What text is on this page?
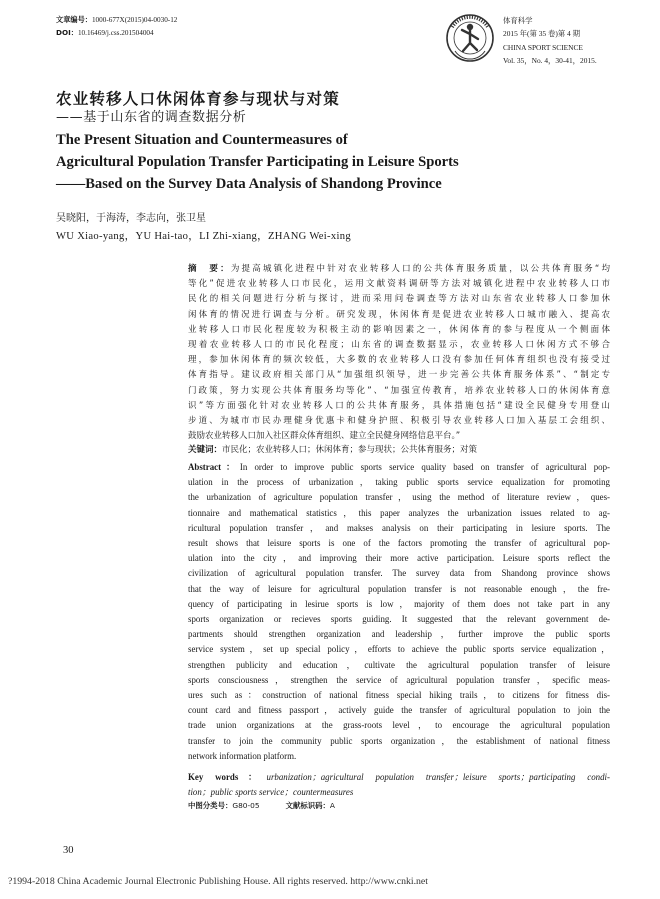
文章编号：1000-677X(2015)04-0030-12
DOI：10.16469/j.css.201504004
体育科学
2015 年(第 35 卷)第 4 期
CHINA SPORT SCIENCE
Vol. 35，No. 4，30-41，2015.
农业转移人口休闲体育参与现状与对策
——基于山东省的调查数据分析
The Present Situation and Countermeasures of
Agricultural Population Transfer Participating in Leisure Sports
——Based on the Survey Data Analysis of Shandong Province
吴晓阳，于海涛，李志向，张卫星
WU Xiao-yang，YU Hai-tao，LI Zhi-xiang，ZHANG Wei-xing
摘　要：为提高城镇化进程中针对农业转移人口的公共体育服务质量，以公共体育服务“均
等化”促进农业转移人口市民化，运用文献资料调研等方法对城镇化进程中农业转移人口市
民化的相关问题进行分析与探讨，进而采用问卷调查等方法对山东省农业转移人口参加休
闲体育的情况进行调查与分析。研究发现，休闲体育是促进农业转移人口城市融入、提高农
业转移人口市民化程度较为积极主动的影响因素之一，休闲体育的参与程度从一个侧面体
现着农业转移人口的市民化程度；山东省的调查数据显示，农业转移人口休闲方式不够合
理，参加休闲体育的频次较低，大多数的农业转移人口没有参加任何体育组织也没有接受过
体育指导。建议政府相关部门从“加强组织领导，进一步完善公共体育服务体系”、“制定专
门政策，努力实现公共体育服务均等化”、“加强宣传教育，培养农业转移人口的休闲体育意
识”等方面强化针对农业转移人口的公共体育服务，具体措施包括“建设全民健身专用登山
步道、为城市市民办理健身优惠卡和健身护照、积极引导农业转移人口加入基层工会组织、
鼓励农业转移人口加入社区群众体育组织、建立全民健身网络信息平台。”
关键词：市民化；农业转移人口；休闲体育；参与现状；公共体育服务；对策
Abstract：In order to improve public sports service quality based on transfer of agricultural pop-
ulation in the process of urbanization，taking public sports service equalization for promoting
the urbanization of agriculture population transfer，using the method of literature review，ques-
tionnaire and mathematical statistics，this paper analyzes the urbanization issues related to ag-
ricultural population transfer，and makses analysis on their participating in lesiure sports. The
result shows that leisure sports is one of the factors promoting the transfer of agricultural pop-
ulation into the city，and improving their more active participation. Leisure sports reflect the
civilization of agricultural population transfer. The survey data from Shandong province shows
that the way of leisure for agricultural population transfer is not reasonable enough，the fre-
quency of participating in lesirue sports is low，majority of them does not take part in any
sports organization or recieves sports guiding. It suggested that the relevant government de-
partments should strengthen organization and leadership，further improve the public sports
service system，set up special policy，efforts to achieve the public sports service equalization，
strengthen publicity and education，cultivate the agricultural population transfer of leisure
sports consciousness，strengthen the service of agricultural population transfer，specific meas-
ures such as：construction of national fitness special hiking trails，to citizens for fitness dis-
count card and fitness passport，actively guide the transfer of agricultural population to join the
trade union organizations at the grass-roots level，to encourage the agricultural population
transfer to join the community public sports organization，the establishment of national fitness
network information platform.
Key words：urbanization；agricultural population transfer；leisure sports；participating condi-
tion；public sports service；countermeasures
中图分类号：G80-05	文献标识码：A
30
?1994-2018 China Academic Journal Electronic Publishing House. All rights reserved. http://www.cnki.net
